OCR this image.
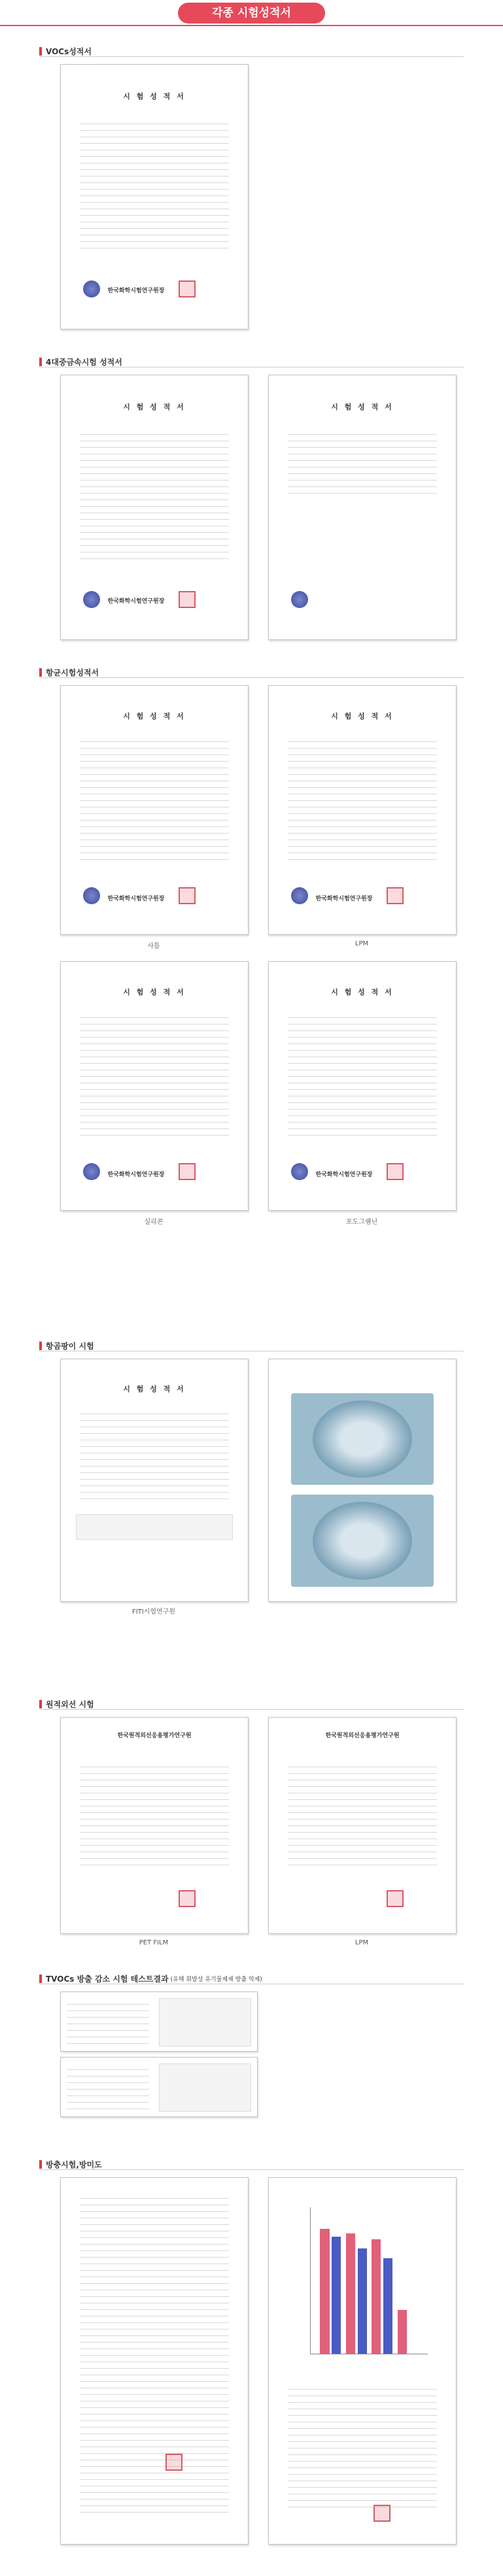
각종 시험성적서
VOCs성적서
시 험 성 적 서
한국화학시험연구원장
4대중금속시험 성적서
시 험 성 적 서
한국화학시험연구원장
시 험 성 적 서
항균시험성적서
시 험 성 적 서
한국화학시험연구원장
사틀
시 험 성 적 서
한국화학시험연구원장
LPM
시 험 성 적 서
한국화학시험연구원장
실리콘
시 험 성 적 서
한국화학시험연구원장
포도그램닌
항곰팡이 시험
시 험 성 적 서
FITI시험연구원
원적외선 시험
한국원적외선응용평가연구원
PET FILM
한국원적외선응용평가연구원
LPM
TVOCs 방출 감소 시험 테스트결과 (유해 휘발성 유기물제재 방출 억제)
방충시험,방미도
